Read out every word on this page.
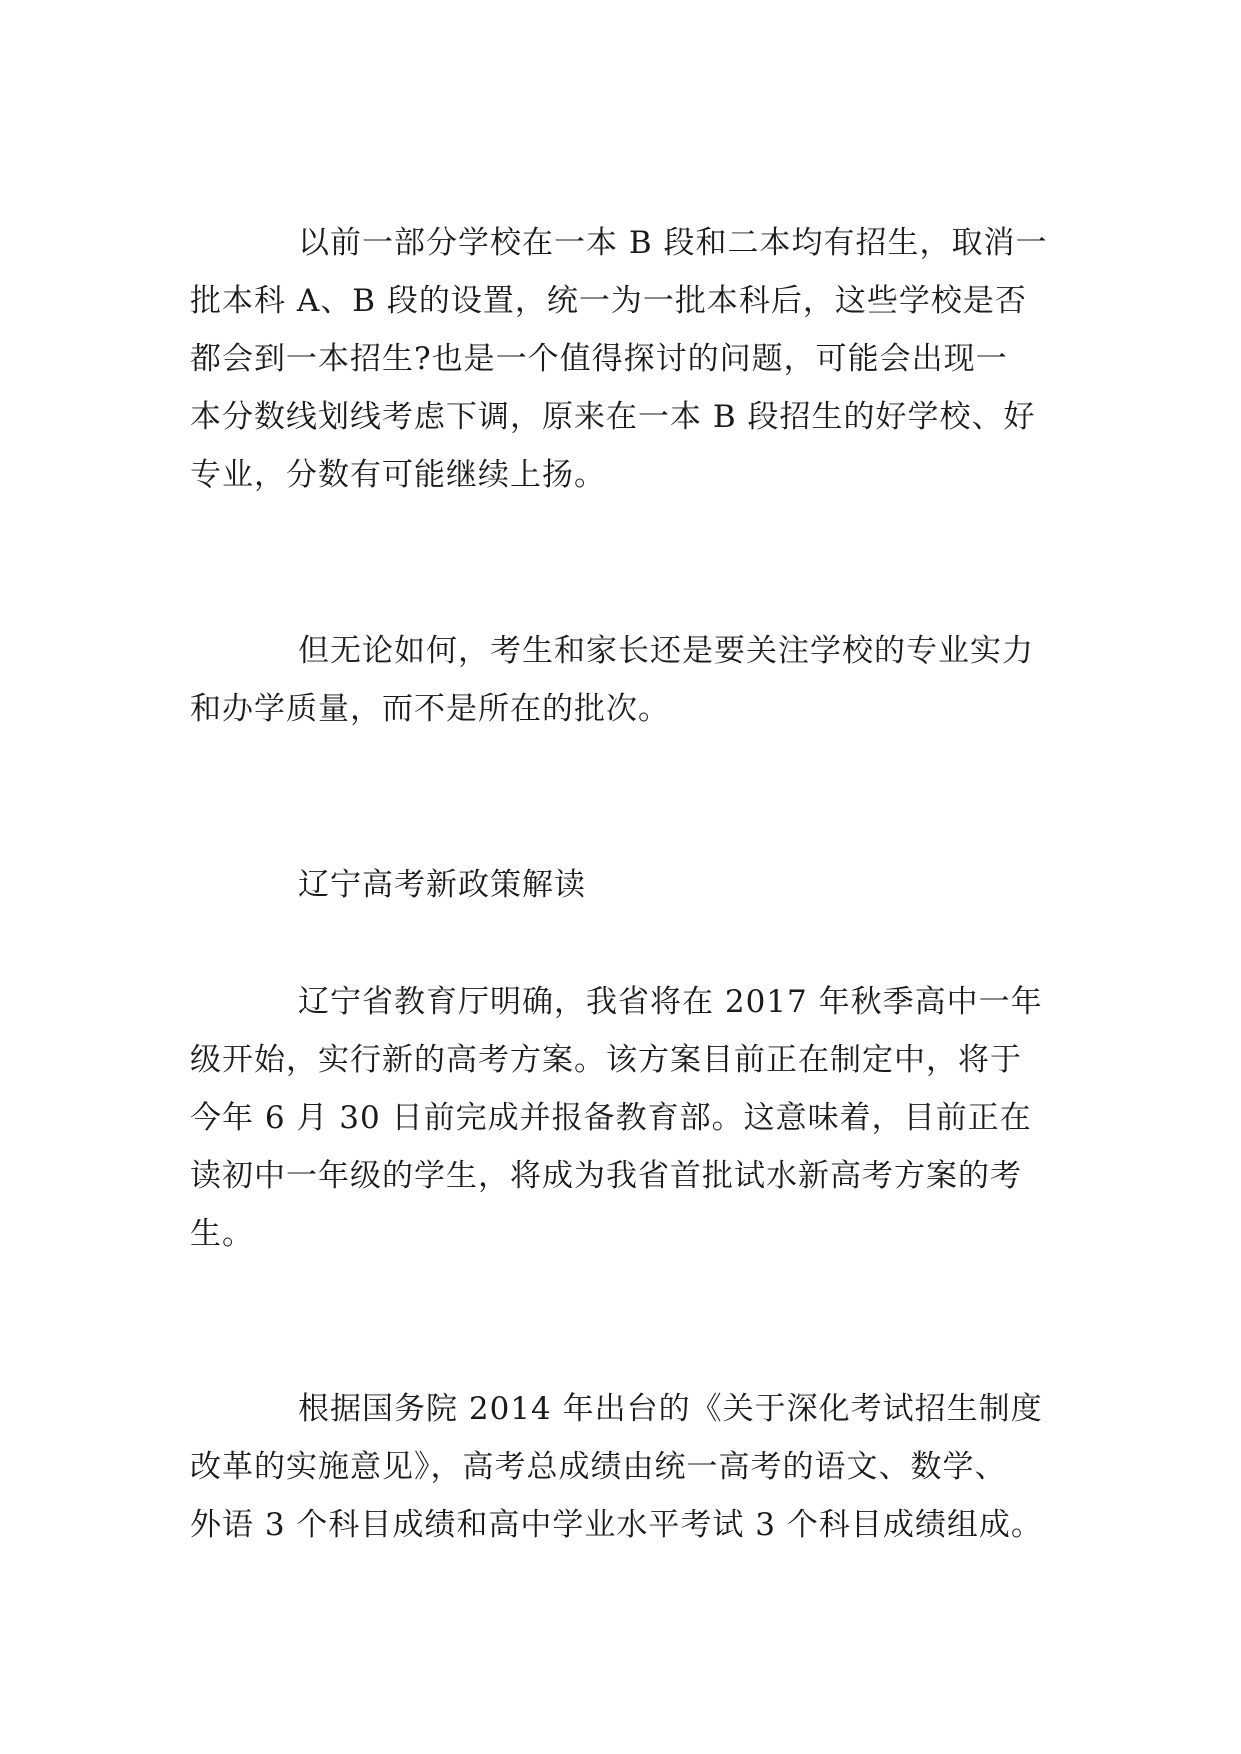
以前一部分学校在一本 B 段和二本均有招生，取消一
批本科 A、B 段的设置，统一为一批本科后，这些学校是否
都会到一本招生?也是一个值得探讨的问题，可能会出现一
本分数线划线考虑下调，原来在一本 B 段招生的好学校、好
专业，分数有可能继续上扬。
但无论如何，考生和家长还是要关注学校的专业实力
和办学质量，而不是所在的批次。
辽宁高考新政策解读
辽宁省教育厅明确，我省将在 2017 年秋季高中一年
级开始，实行新的高考方案。该方案目前正在制定中，将于
今年 6 月 30 日前完成并报备教育部。这意味着，目前正在
读初中一年级的学生，将成为我省首批试水新高考方案的考
生。
根据国务院 2014 年出台的《关于深化考试招生制度
改革的实施意见》，高考总成绩由统一高考的语文、数学、
外语 3 个科目成绩和高中学业水平考试 3 个科目成绩组成。
